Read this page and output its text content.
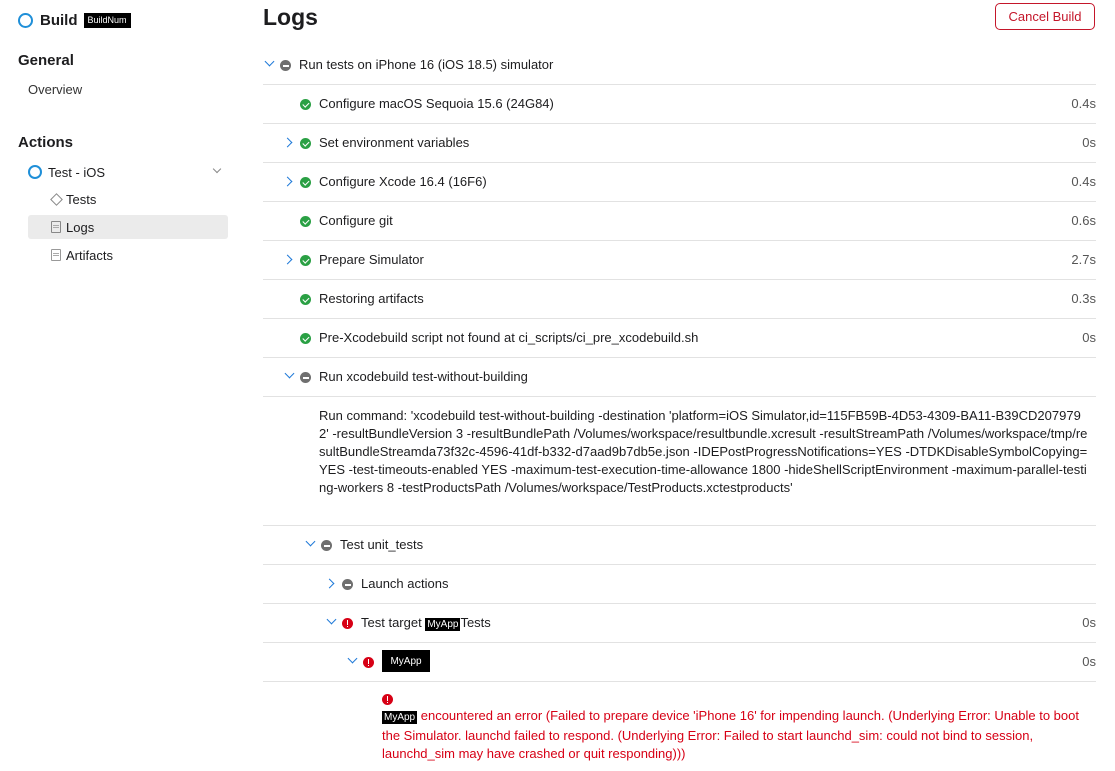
Build	BuildNum
General
Overview
Actions
Test - iOS
Tests
Logs
Artifacts
Logs	Cancel Build
Run tests on iPhone 16 (iOS 18.5) simulator
Configure macOS Sequoia 15.6 (24G84)	0.4s
Set environment variables	0s
Configure Xcode 16.4 (16F6)	0.4s
Configure git	0.6s
Prepare Simulator	2.7s
Restoring artifacts	0.3s
Pre-Xcodebuild script not found at ci_scripts/ci_pre_xcodebuild.sh	0s
Run xcodebuild test-without-building
Run command: 'xcodebuild test-without-building -destination 'platform=iOS Simulator,id=115FB59B-4D53-4309-BA11-B39CD2079792' -resultBundleVersion 3 -resultBundlePath /Volumes/workspace/resultbundle.xcresult -resultStreamPath /Volumes/workspace/tmp/resultBundleStreamda73f32c-4596-41df-b332-d7aad9b7db5e.json -IDEPostProgressNotifications=YES -DTDKDisableSymbolCopying=YES -test-timeouts-enabled YES -maximum-test-execution-time-allowance 1800 -hideShellScriptEnvironment -maximum-parallel-testing-workers 8 -testProductsPath /Volumes/workspace/TestProducts.xctestproducts'
Test unit_tests
Launch actions
Test target MyApp Tests	0s
MyApp	0s
MyApp encountered an error (Failed to prepare device 'iPhone 16' for impending launch. (Underlying Error: Unable to boot the Simulator. launchd failed to respond. (Underlying Error: Failed to start launchd_sim: could not bind to session, launchd_sim may have crashed or quit responding)))
